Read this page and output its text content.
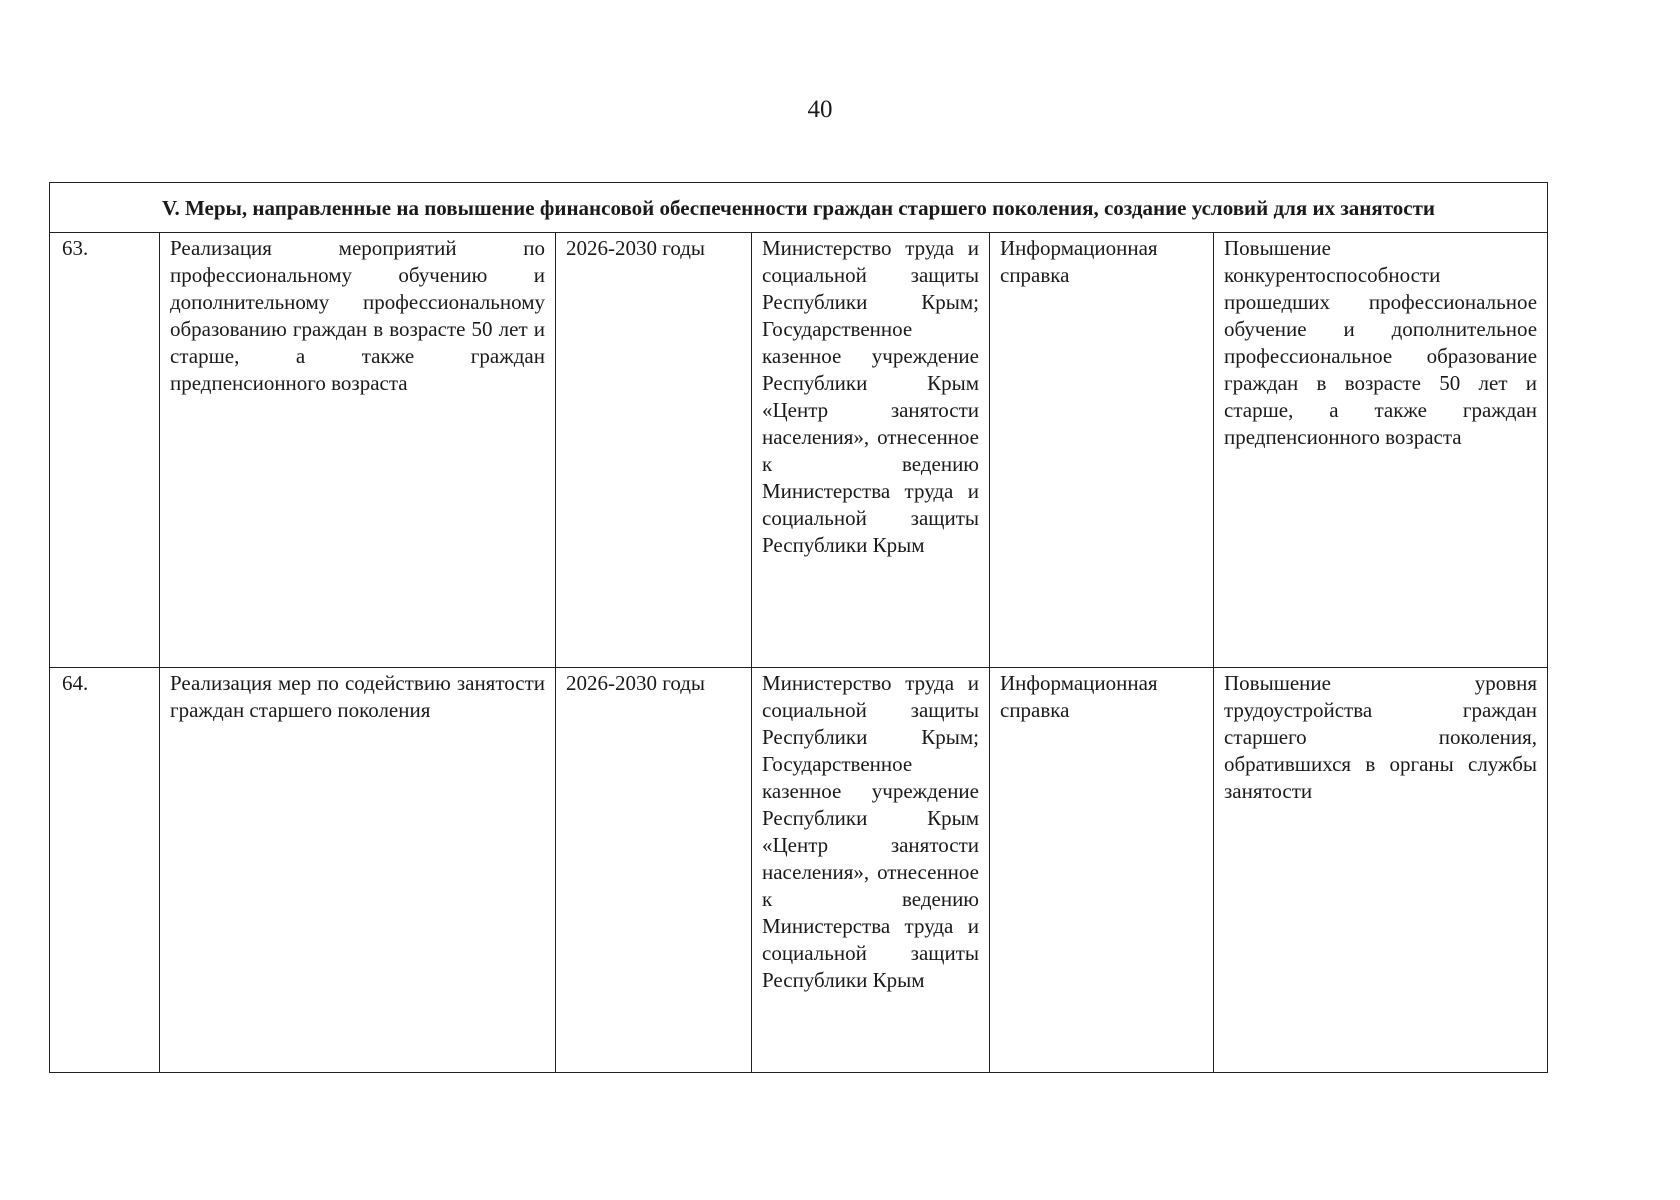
40
V. Меры, направленные на повышение финансовой обеспеченности граждан старшего поколения, создание условий для их занятости					
63.	Реализация мероприятий по профессиональному обучению и дополнительному профессиональному образованию граждан в возрасте 50 лет и старше, а также граждан предпенсионного возраста	2026-2030 годы	Министерство труда и социальной защиты Республики Крым; Государственное казенное учреждение Республики Крым «Центр занятости населения», отнесенное к ведению Министерства труда и социальной защиты Республики Крым	Информационная справка	Повышение конкурентоспособности прошедших профессиональное обучение и дополнительное профессиональное образование граждан в возрасте 50 лет и старше, а также граждан предпенсионного возраста
64.	Реализация мер по содействию занятости граждан старшего поколения	2026-2030 годы	Министерство труда и социальной защиты Республики Крым; Государственное казенное учреждение Республики Крым «Центр занятости населения», отнесенное к ведению Министерства труда и социальной защиты Республики Крым	Информационная справка	Повышение уровня трудоустройства граждан старшего поколения, обратившихся в органы службы занятости
